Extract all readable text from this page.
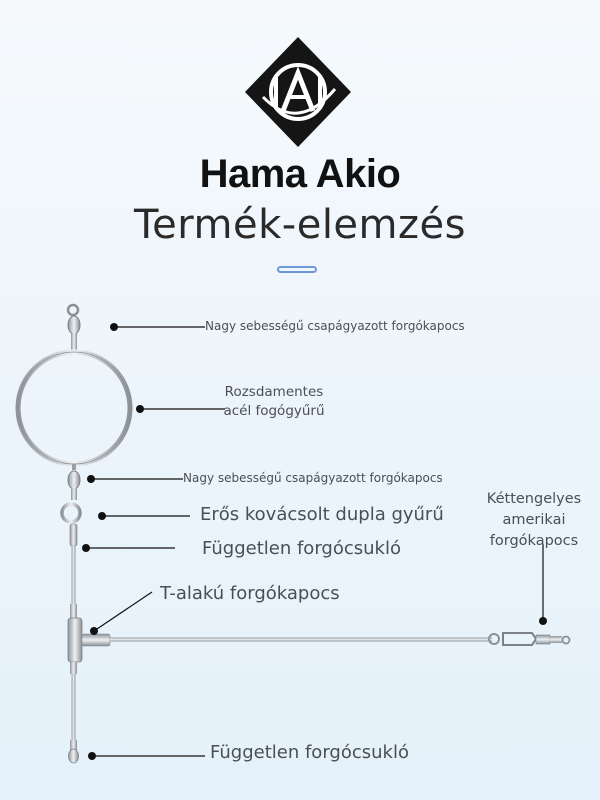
Hama Akio
Termék-elemzés
Nagy sebességű csapágyazott forgókapocs
Rozsdamentes acél fogógyűrű
Nagy sebességű csapágyazott forgókapocs
Erős kovácsolt dupla gyűrű
Független forgócsukló
T-alakú forgókapocs
Kéttengelyes amerikai forgókapocs
Független forgócsukló
